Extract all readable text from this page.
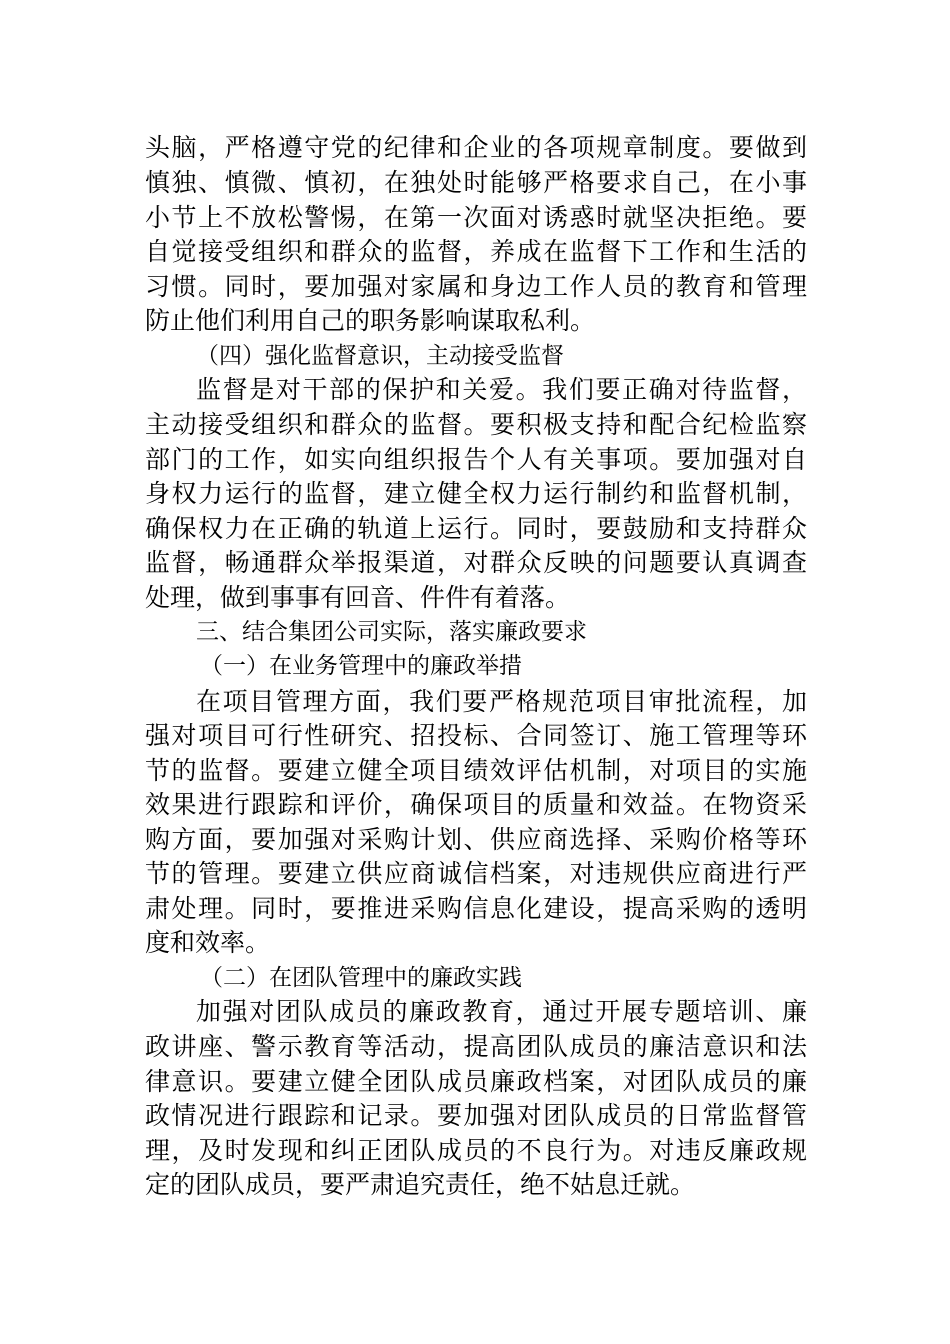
头脑，严格遵守党的纪律和企业的各项规章制度。要做到
慎独、慎微、慎初，在独处时能够严格要求自己，在小事
小节上不放松警惕，在第一次面对诱惑时就坚决拒绝。要
自觉接受组织和群众的监督，养成在监督下工作和生活的
习惯。同时，要加强对家属和身边工作人员的教育和管理
防止他们利用自己的职务影响谋取私利。
（四）强化监督意识，主动接受监督
监督是对干部的保护和关爱。我们要正确对待监督，
主动接受组织和群众的监督。要积极支持和配合纪检监察
部门的工作，如实向组织报告个人有关事项。要加强对自
身权力运行的监督，建立健全权力运行制约和监督机制，
确保权力在正确的轨道上运行。同时，要鼓励和支持群众
监督，畅通群众举报渠道，对群众反映的问题要认真调查
处理，做到事事有回音、件件有着落。
三、结合集团公司实际，落实廉政要求
（一）在业务管理中的廉政举措
在项目管理方面，我们要严格规范项目审批流程，加
强对项目可行性研究、招投标、合同签订、施工管理等环
节的监督。要建立健全项目绩效评估机制，对项目的实施
效果进行跟踪和评价，确保项目的质量和效益。在物资采
购方面，要加强对采购计划、供应商选择、采购价格等环
节的管理。要建立供应商诚信档案，对违规供应商进行严
肃处理。同时，要推进采购信息化建设，提高采购的透明
度和效率。
（二）在团队管理中的廉政实践
加强对团队成员的廉政教育，通过开展专题培训、廉
政讲座、警示教育等活动，提高团队成员的廉洁意识和法
律意识。要建立健全团队成员廉政档案，对团队成员的廉
政情况进行跟踪和记录。要加强对团队成员的日常监督管
理，及时发现和纠正团队成员的不良行为。对违反廉政规
定的团队成员，要严肃追究责任，绝不姑息迁就。
